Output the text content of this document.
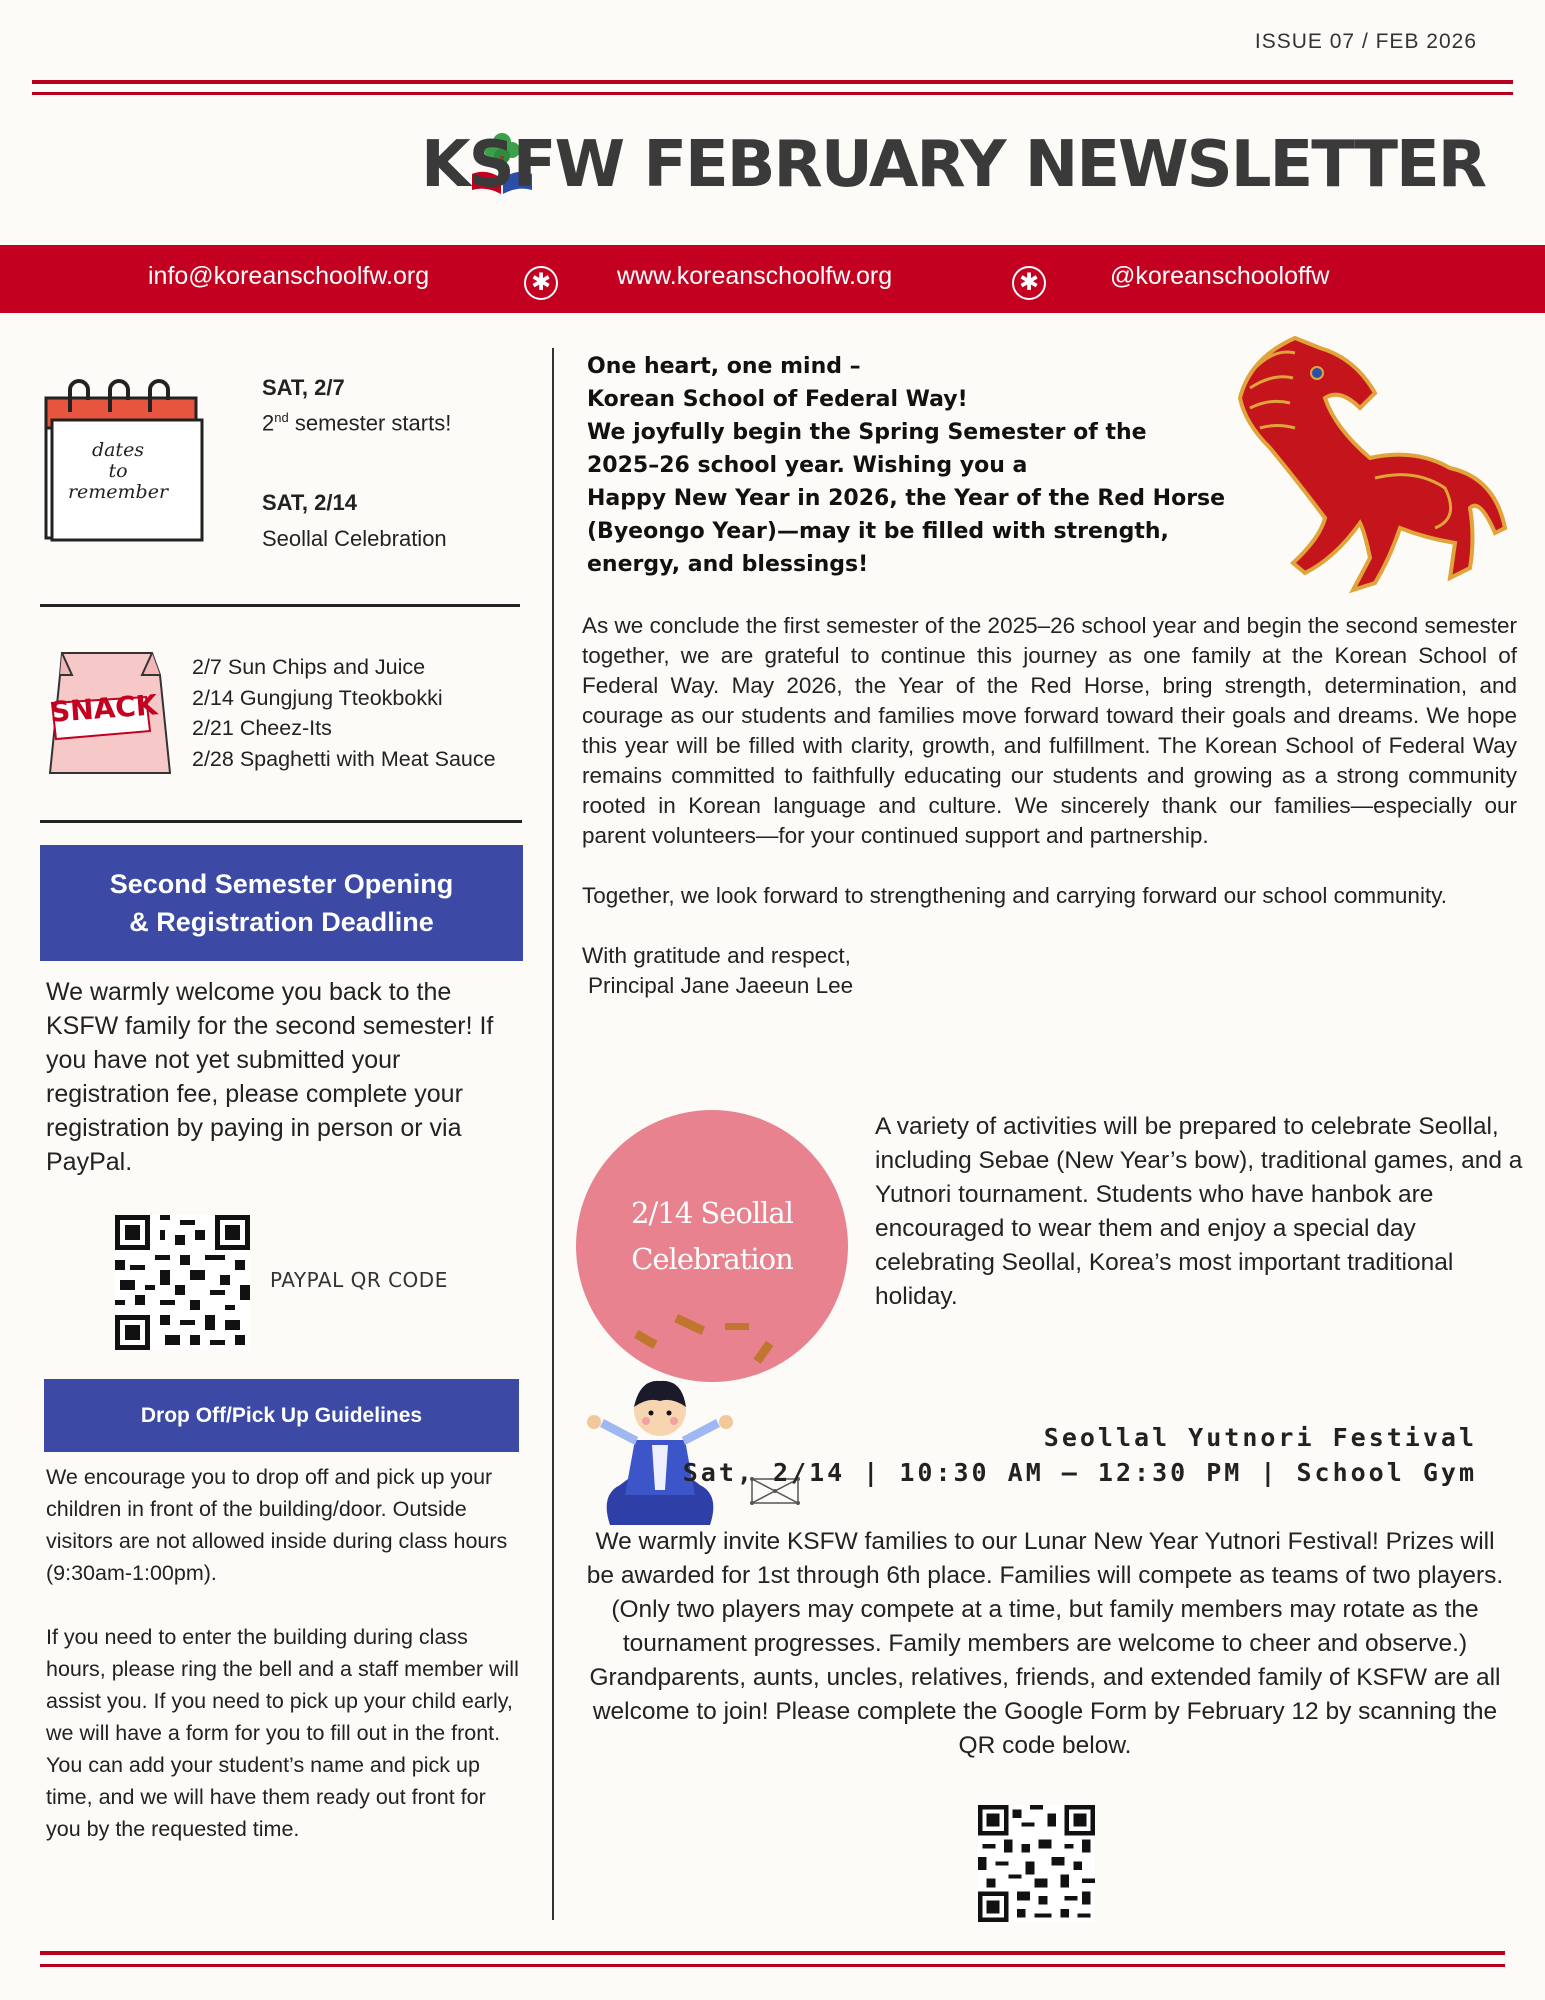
ISSUE 07 / FEB 2026
KSFW FEBRUARY NEWSLETTER
info@koreanschoolfw.org	www.koreanschoolfw.org	@koreanschooloffw
✱	✱
dates
to
remember
SAT, 2/7
2nd semester starts!
SAT, 2/14
Seollal Celebration
SNACK
2/7 Sun Chips and Juice
2/14 Gungjung Tteokbokki
2/21 Cheez-Its
2/28 Spaghetti with Meat Sauce
Second Semester Opening
& Registration Deadline
We warmly welcome you back to the KSFW family for the second semester! If you have not yet submitted your registration fee, please complete your registration by paying in person or via PayPal.
PAYPAL QR CODE
Drop Off/Pick Up Guidelines

We encourage you to drop off and pick up your children in front of the building/door. Outside visitors are not allowed inside during class hours (9:30am-1:00pm).

If you need to enter the building during class hours, please ring the bell and a staff member will assist you. If you need to pick up your child early, we will have a form for you to fill out in the front. You can add your student’s name and pick up time, and we will have them ready out front for you by the requested time.

One heart, one mind –
Korean School of Federal Way!
We joyfully begin the Spring Semester of the
2025–26 school year. Wishing you a
Happy New Year in 2026, the Year of the Red Horse
(Byeongo Year)—may it be filled with strength,
energy, and blessings!

As we conclude the first semester of the 2025–26 school year and begin the second semester together, we are grateful to continue this journey as one family at the Korean School of Federal Way. May 2026, the Year of the Red Horse, bring strength, determination, and courage as our students and families move forward toward their goals and dreams. We hope this year will be filled with clarity, growth, and fulfillment. The Korean School of Federal Way remains committed to faithfully educating our students and growing as a strong community rooted in Korean language and culture. We sincerely thank our families—especially our parent volunteers—for your continued support and partnership.

Together, we look forward to strengthening and carrying forward our school community.

With gratitude and respect,

Principal Jane Jaeeun Lee

2/14 Seollal
Celebration
A variety of activities will be prepared to celebrate Seollal, including Sebae (New Year’s bow), traditional games, and a Yutnori tournament. Students who have hanbok are encouraged to wear them and enjoy a special day celebrating Seollal, Korea’s most important traditional holiday.
Seollal Yutnori Festival
Sat, 2/14 | 10:30 AM – 12:30 PM | School Gym
We warmly invite KSFW families to our Lunar New Year Yutnori Festival! Prizes will be awarded for 1st through 6th place. Families will compete as teams of two players. (Only two players may compete at a time, but family members may rotate as the tournament progresses. Family members are welcome to cheer and observe.) Grandparents, aunts, uncles, relatives, friends, and extended family of KSFW are all welcome to join! Please complete the Google Form by February 12 by scanning the QR code below.
